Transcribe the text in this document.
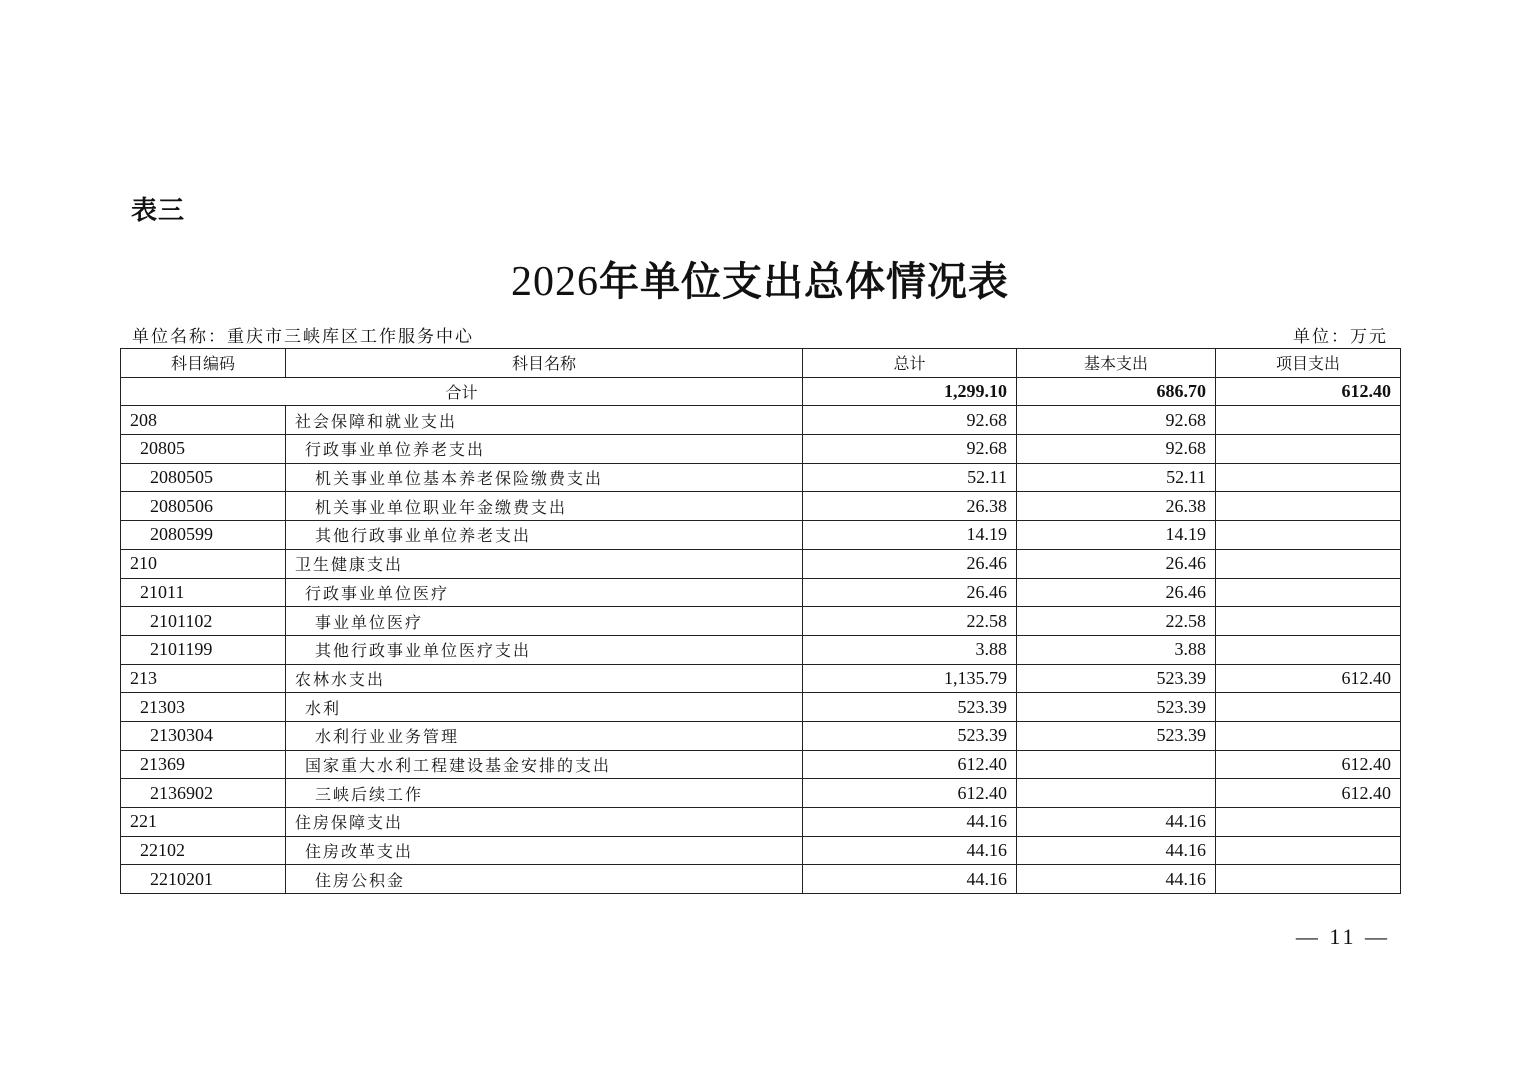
表三
2026年单位支出总体情况表
单位名称：重庆市三峡库区工作服务中心	单位：万元
科目编码	科目名称	总计	基本支出	项目支出
合计		1,299.10	686.70	612.40
208	社会保障和就业支出	92.68	92.68	
20805	行政事业单位养老支出	92.68	92.68	
2080505	机关事业单位基本养老保险缴费支出	52.11	52.11	
2080506	机关事业单位职业年金缴费支出	26.38	26.38	
2080599	其他行政事业单位养老支出	14.19	14.19	
210	卫生健康支出	26.46	26.46	
21011	行政事业单位医疗	26.46	26.46	
2101102	事业单位医疗	22.58	22.58	
2101199	其他行政事业单位医疗支出	3.88	3.88	
213	农林水支出	1,135.79	523.39	612.40
21303	水利	523.39	523.39	
2130304	水利行业业务管理	523.39	523.39	
21369	国家重大水利工程建设基金安排的支出	612.40		612.40
2136902	三峡后续工作	612.40		612.40
221	住房保障支出	44.16	44.16	
22102	住房改革支出	44.16	44.16	
2210201	住房公积金	44.16	44.16	
— 11 —
